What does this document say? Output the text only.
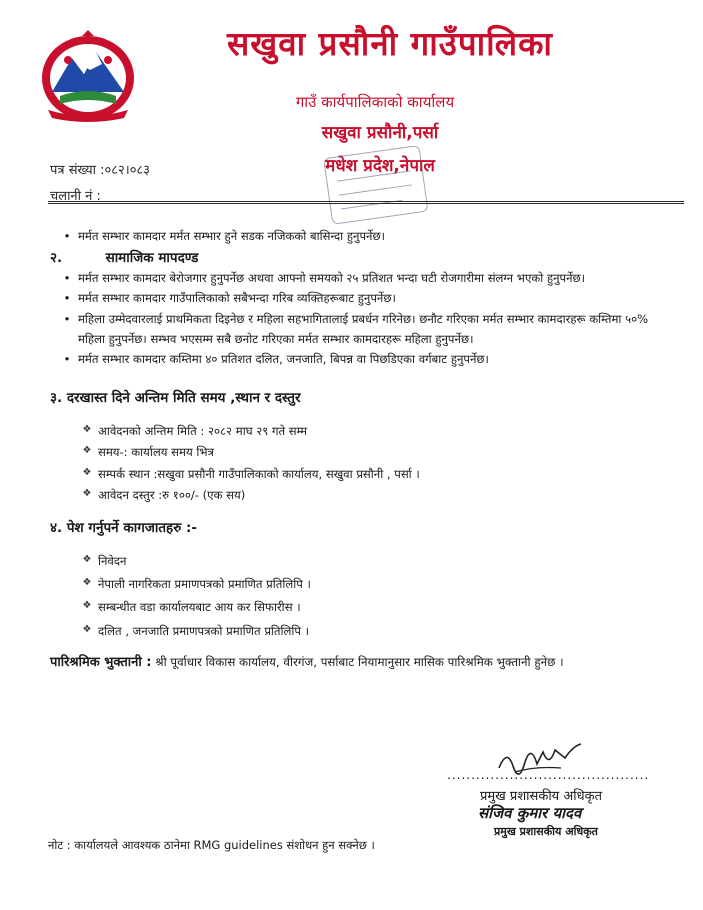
सखुवा प्रसौनी गाउँपालिका
गाउँ कार्यपालिकाको कार्यालय
सखुवा प्रसौनी,पर्सा
मधेश प्रदेश,नेपाल
पत्र संख्या :०८२।०८३
चलानी नं :
• मर्मत सम्भार कामदार मर्मत सम्भार हुने सडक नजिकको बासिन्दा हुनुपर्नेछ।
२.	सामाजिक मापदण्ड
• मर्मत सम्भार कामदार बेरोजगार हुनुपर्नेछ अथवा आफ्नो समयको २५ प्रतिशत भन्दा घटी रोजगारीमा संलग्न भएको हुनुपर्नेछ।
• मर्मत सम्भार कामदार गाउँपालिकाको सबैभन्दा गरिब व्यक्तिहरूबाट हुनुपर्नेछ।
• महिला उम्मेदवारलाई प्राथमिकता दिइनेछ र महिला सहभागितालाई प्रबर्धन गरिनेछ। छनौट गरिएका मर्मत सम्भार कामदारहरू कम्तिमा ५०% महिला हुनुपर्नेछ। सम्भव भएसम्म सबै छनोट गरिएका मर्मत सम्भार कामदारहरू महिला हुनुपर्नेछ।
• मर्मत सम्भार कामदार कम्तिमा ४० प्रतिशत दलित, जनजाति, बिपन्न वा पिछडिएका वर्गबाट हुनुपर्नेछ।
३. दरखास्त दिने अन्तिम मिति समय ,स्थान र दस्तुर
❖ आवेदनको अन्तिम मिति : २०८२ माघ २९ गते सम्म
❖ समय-: कार्यालय समय भित्र
❖ सम्पर्क स्थान :सखुवा प्रसौनी गाउँपालिकाको कार्यालय, सखुवा प्रसौनी , पर्सा ।
❖ आवेदन दस्तुर :रु १००/- (एक सय)
४. पेश गर्नुपर्ने कागजातहरु :-
❖ निवेदन
❖ नेपाली नागरिकता प्रमाणपत्रको प्रमाणित प्रतिलिपि ।
❖ सम्बन्धीत वडा कार्यालयबाट आय कर सिफारीस ।
❖ दलित , जनजाति प्रमाणपत्रको प्रमाणित प्रतिलिपि ।
पारिश्रमिक भुक्तानी : श्री पूर्वाधार विकास कार्यालय, वीरगंज, पर्साबाट नियामानुसार मासिक पारिश्रमिक भुक्तानी हुनेछ ।
..........................................
प्रमुख प्रशासकीय अधिकृत
संजिव कुमार यादव
प्रमुख प्रशासकीय अधिकृत
नोट : कार्यालयले आवश्यक ठानेमा RMG guidelines संशोधन हुन सक्नेछ ।
